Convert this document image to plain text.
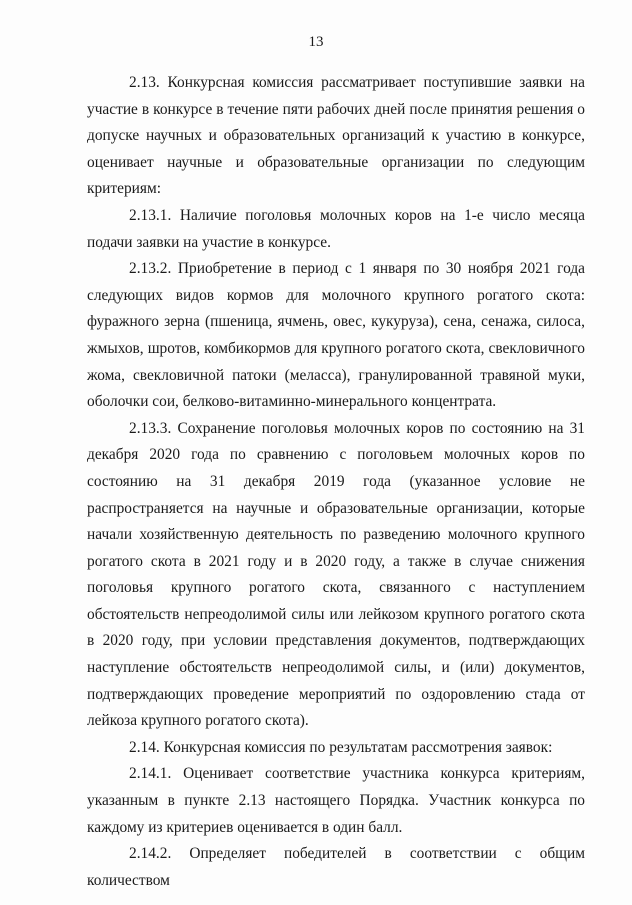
13

2.13. Конкурсная комиссия рассматривает поступившие заявки на участие в конкурсе в течение пяти рабочих дней после принятия решения о допуске научных и образовательных организаций к участию в конкурсе, оценивает научные и образовательные организации по следующим критериям:

2.13.1. Наличие поголовья молочных коров на 1-е число месяца подачи заявки на участие в конкурсе.

2.13.2. Приобретение в период с 1 января по 30 ноября 2021 года следующих видов кормов для молочного крупного рогатого скота: фуражного зерна (пшеница, ячмень, овес, кукуруза), сена, сенажа, силоса, жмыхов, шротов, комбикормов для крупного рогатого скота, свекловичного жома, свекловичной патоки (меласса), гранулированной травяной муки, оболочки сои, белково-витаминно-минерального концентрата.

2.13.3. Сохранение поголовья молочных коров по состоянию на 31 декабря 2020 года по сравнению с поголовьем молочных коров по состоянию на 31 декабря 2019 года (указанное условие не распространяется на научные и образовательные организации, которые начали хозяйственную деятельность по разведению молочного крупного рогатого скота в 2021 году и в 2020 году, а также в случае снижения поголовья крупного рогатого скота, связанного с наступлением обстоятельств непреодолимой силы или лейкозом крупного рогатого скота в 2020 году, при условии представления документов, подтверждающих наступление обстоятельств непреодолимой силы, и (или) документов, подтверждающих проведение мероприятий по оздоровлению стада от лейкоза крупного рогатого скота).

2.14. Конкурсная комиссия по результатам рассмотрения заявок:

2.14.1. Оценивает соответствие участника конкурса критериям, указанным в пункте 2.13 настоящего Порядка. Участник конкурса по каждому из критериев оценивается в один балл.

2.14.2. Определяет победителей в соответствии с общим количеством
